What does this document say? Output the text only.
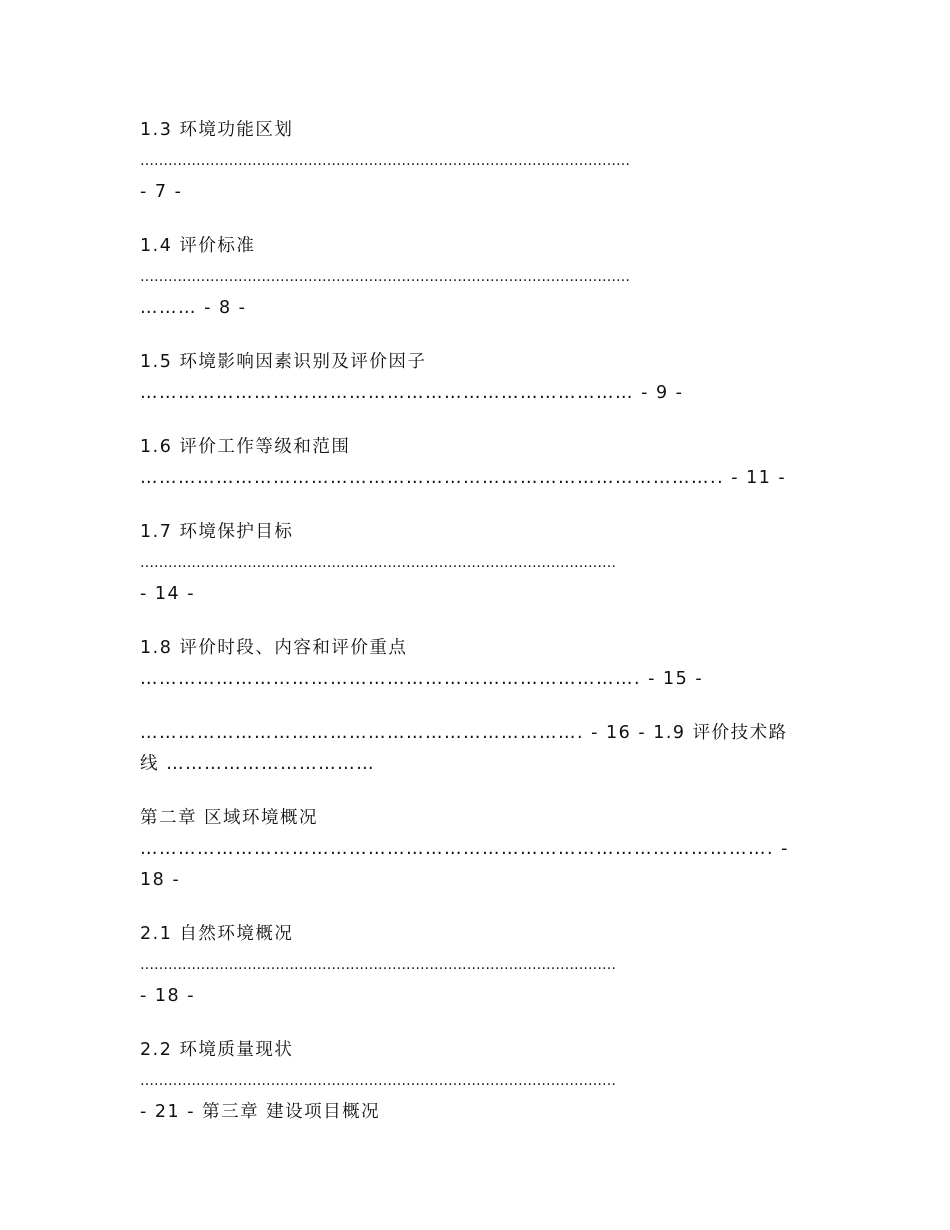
1.3 环境功能区划
……………………………………………………………………………………………
- 7 -
1.4 评价标准
……………………………………………………………………………………………
……… - 8 -
1.5 环境影响因素识别及评价因子
…………………………………………………………………… - 9 -
1.6 评价工作等级和范围
……………………………………………………………………………….. - 11 -
1.7 环境保护目标
…………………………………………………………………………………………
- 14 -
1.8 评价时段、内容和评价重点
……………………………………………………………………. - 15 -
……………………………………………………………. - 16 - 1.9 评价技术路
线 ……………………………
第二章 区域环境概况
………………………………………………………………………………………. -
18 -
2.1 自然环境概况
…………………………………………………………………………………………
- 18 -
2.2 环境质量现状
…………………………………………………………………………………………
- 21 - 第三章 建设项目概况
